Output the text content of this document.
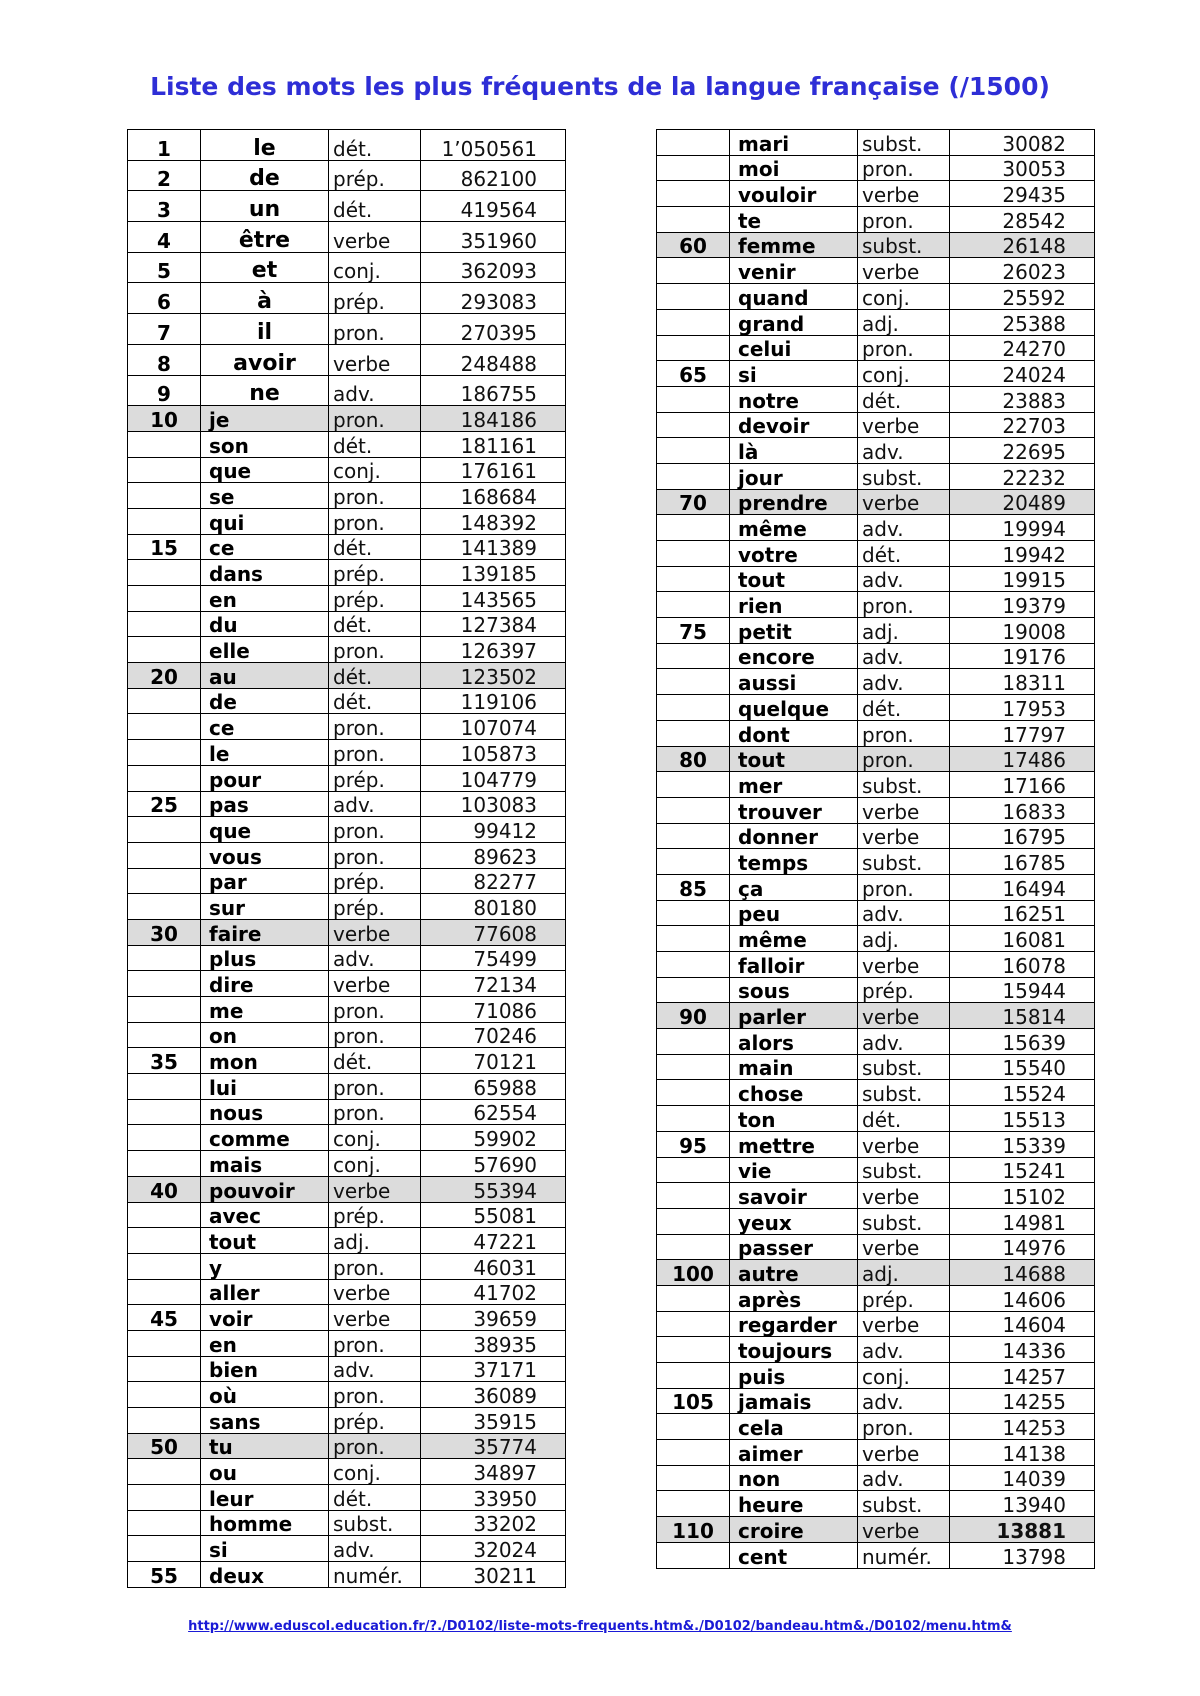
Liste des mots les plus fréquents de la langue française (/1500)
1	le	dét.	1’050561
2	de	prép.	862100
3	un	dét.	419564
4	être	verbe	351960
5	et	conj.	362093
6	à	prép.	293083
7	il	pron.	270395
8	avoir	verbe	248488
9	ne	adv.	186755
10	je	pron.	184186
	son	dét.	181161
	que	conj.	176161
	se	pron.	168684
	qui	pron.	148392
15	ce	dét.	141389
	dans	prép.	139185
	en	prép.	143565
	du	dét.	127384
	elle	pron.	126397
20	au	dét.	123502
	de	dét.	119106
	ce	pron.	107074
	le	pron.	105873
	pour	prép.	104779
25	pas	adv.	103083
	que	pron.	99412
	vous	pron.	89623
	par	prép.	82277
	sur	prép.	80180
30	faire	verbe	77608
	plus	adv.	75499
	dire	verbe	72134
	me	pron.	71086
	on	pron.	70246
35	mon	dét.	70121
	lui	pron.	65988
	nous	pron.	62554
	comme	conj.	59902
	mais	conj.	57690
40	pouvoir	verbe	55394
	avec	prép.	55081
	tout	adj.	47221
	y	pron.	46031
	aller	verbe	41702
45	voir	verbe	39659
	en	pron.	38935
	bien	adv.	37171
	où	pron.	36089
	sans	prép.	35915
50	tu	pron.	35774
	ou	conj.	34897
	leur	dét.	33950
	homme	subst.	33202
	si	adv.	32024
55	deux	numér.	30211
	mari	subst.	30082
	moi	pron.	30053
	vouloir	verbe	29435
	te	pron.	28542
60	femme	subst.	26148
	venir	verbe	26023
	quand	conj.	25592
	grand	adj.	25388
	celui	pron.	24270
65	si	conj.	24024
	notre	dét.	23883
	devoir	verbe	22703
	là	adv.	22695
	jour	subst.	22232
70	prendre	verbe	20489
	même	adv.	19994
	votre	dét.	19942
	tout	adv.	19915
	rien	pron.	19379
75	petit	adj.	19008
	encore	adv.	19176
	aussi	adv.	18311
	quelque	dét.	17953
	dont	pron.	17797
80	tout	pron.	17486
	mer	subst.	17166
	trouver	verbe	16833
	donner	verbe	16795
	temps	subst.	16785
85	ça	pron.	16494
	peu	adv.	16251
	même	adj.	16081
	falloir	verbe	16078
	sous	prép.	15944
90	parler	verbe	15814
	alors	adv.	15639
	main	subst.	15540
	chose	subst.	15524
	ton	dét.	15513
95	mettre	verbe	15339
	vie	subst.	15241
	savoir	verbe	15102
	yeux	subst.	14981
	passer	verbe	14976
100	autre	adj.	14688
	après	prép.	14606
	regarder	verbe	14604
	toujours	adv.	14336
	puis	conj.	14257
105	jamais	adv.	14255
	cela	pron.	14253
	aimer	verbe	14138
	non	adv.	14039
	heure	subst.	13940
110	croire	verbe	13881
	cent	numér.	13798
http://www.eduscol.education.fr/?./D0102/liste-mots-frequents.htm&./D0102/bandeau.htm&./D0102/menu.htm&
